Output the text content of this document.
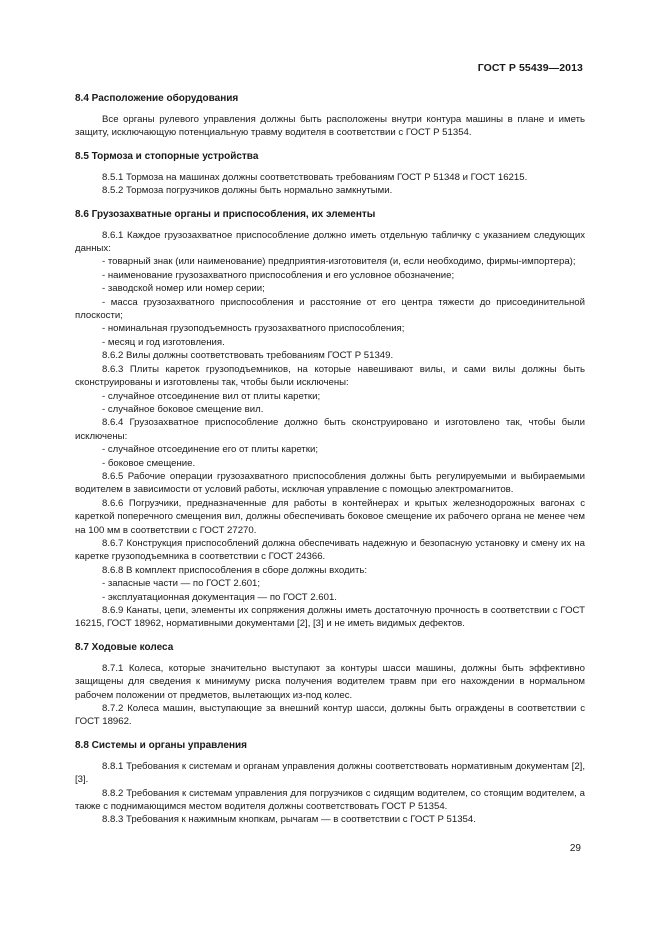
ГОСТ Р 55439—2013
8.4 Расположение оборудования

Все органы рулевого управления должны быть расположены внутри контура машины в плане и иметь защиту, исключающую потенциальную травму водителя в соответствии с ГОСТ Р 51354.

8.5 Тормоза и стопорные устройства

8.5.1 Тормоза на машинах должны соответствовать требованиям ГОСТ Р 51348 и ГОСТ 16215.

8.5.2 Тормоза погрузчиков должны быть нормально замкнутыми.

8.6 Грузозахватные органы и приспособления, их элементы

8.6.1 Каждое грузозахватное приспособление должно иметь отдельную табличку с указанием следующих данных:

- товарный знак (или наименование) предприятия-изготовителя (и, если необходимо, фирмы-импортера);

- наименование грузозахватного приспособления и его условное обозначение;

- заводской номер или номер серии;

- масса грузозахватного приспособления и расстояние от его центра тяжести до присоединительной плоскости;

- номинальная грузоподъемность грузозахватного приспособления;

- месяц и год изготовления.

8.6.2 Вилы должны соответствовать требованиям ГОСТ Р 51349.

8.6.3 Плиты кареток грузоподъемников, на которые навешивают вилы, и сами вилы должны быть сконструированы и изготовлены так, чтобы были исключены:

- случайное отсоединение вил от плиты каретки;

- случайное боковое смещение вил.

8.6.4 Грузозахватное приспособление должно быть сконструировано и изготовлено так, чтобы были исключены:

- случайное отсоединение его от плиты каретки;

- боковое смещение.

8.6.5 Рабочие операции грузозахватного приспособления должны быть регулируемыми и выбираемыми водителем в зависимости от условий работы, исключая управление с помощью электромагнитов.

8.6.6 Погрузчики, предназначенные для работы в контейнерах и крытых железнодорожных вагонах с кареткой поперечного смещения вил, должны обеспечивать боковое смещение их рабочего органа не менее чем на 100 мм в соответствии с ГОСТ 27270.

8.6.7 Конструкция приспособлений должна обеспечивать надежную и безопасную установку и смену их на каретке грузоподъемника в соответствии с ГОСТ 24366.

8.6.8 В комплект приспособления в сборе должны входить:

- запасные части — по ГОСТ 2.601;

- эксплуатационная документация — по ГОСТ 2.601.

8.6.9 Канаты, цепи, элементы их сопряжения должны иметь достаточную прочность в соответствии с ГОСТ 16215, ГОСТ 18962, нормативными документами [2], [3] и не иметь видимых дефектов.

8.7 Ходовые колеса

8.7.1 Колеса, которые значительно выступают за контуры шасси машины, должны быть эффективно защищены для сведения к минимуму риска получения водителем травм при его нахождении в нормальном рабочем положении от предметов, вылетающих из-под колес.

8.7.2 Колеса машин, выступающие за внешний контур шасси, должны быть ограждены в соответствии с ГОСТ 18962.

8.8 Системы и органы управления

8.8.1 Требования к системам и органам управления должны соответствовать нормативным документам [2], [3].

8.8.2 Требования к системам управления для погрузчиков с сидящим водителем, со стоящим водителем, а также с поднимающимся местом водителя должны соответствовать ГОСТ Р 51354.

8.8.3 Требования к нажимным кнопкам, рычагам — в соответствии с ГОСТ Р 51354.

29
